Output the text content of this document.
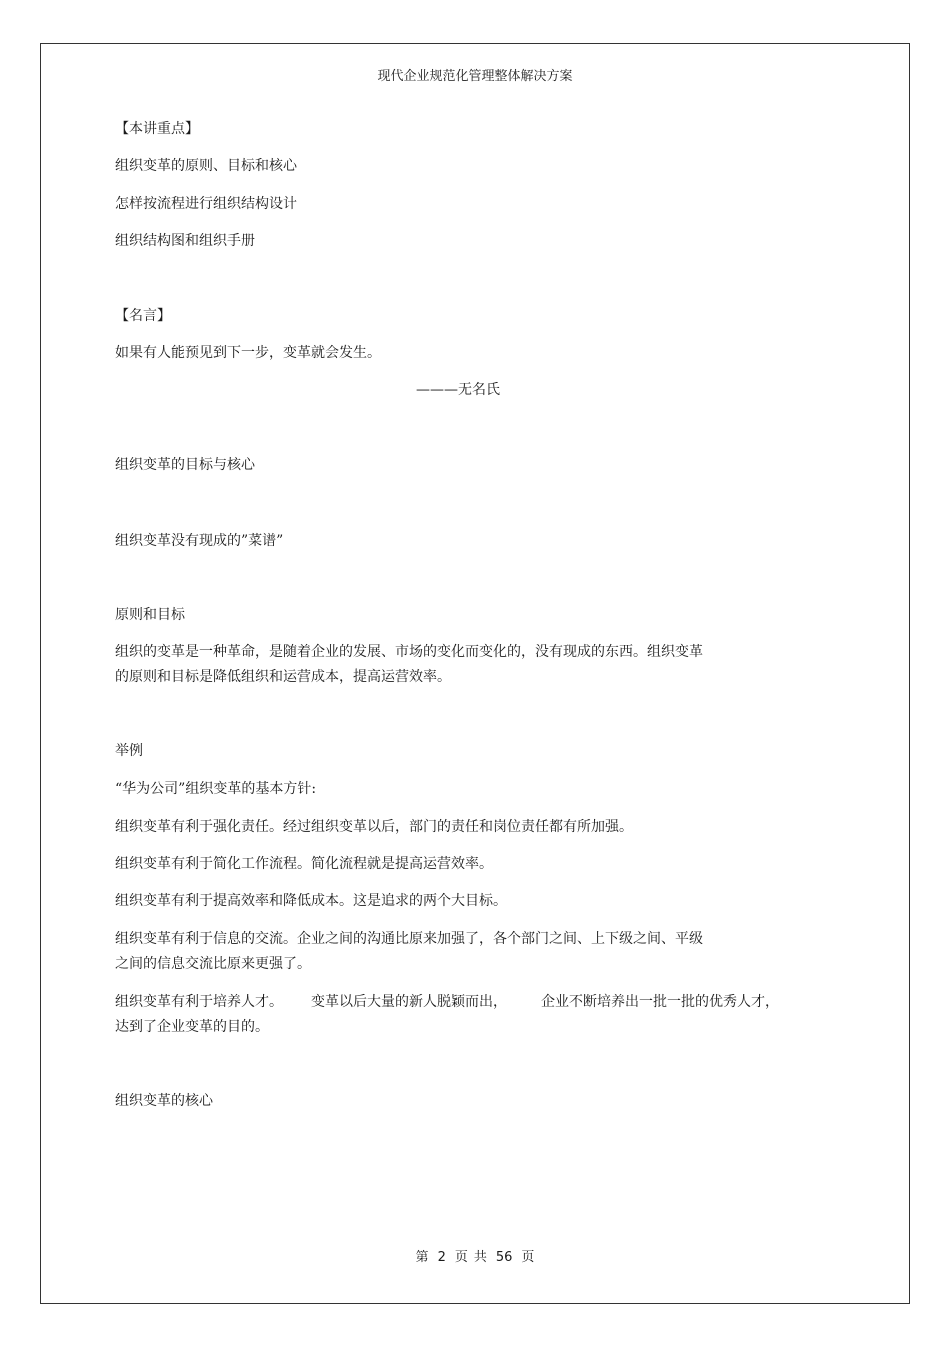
现代企业规范化管理整体解决方案

【本讲重点】

组织变革的原则、目标和核心

怎样按流程进行组织结构设计

组织结构图和组织手册

【名言】

如果有人能预见到下一步，变革就会发生。

———无名氏

组织变革的目标与核心

组织变革没有现成的”菜谱”

原则和目标

组织的变革是一种革命，是随着企业的发展、市场的变化而变化的，没有现成的东西。组织变革

的原则和目标是降低组织和运营成本，提高运营效率。

举例

“华为公司”组织变革的基本方针:

组织变革有利于强化责任。经过组织变革以后，部门的责任和岗位责任都有所加强。

组织变革有利于简化工作流程。简化流程就是提高运营效率。

组织变革有利于提高效率和降低成本。这是追求的两个大目标。

组织变革有利于信息的交流。企业之间的沟通比原来加强了，各个部门之间、上下级之间、平级

之间的信息交流比原来更强了。

组织变革有利于培养人才。 变革以后大量的新人脱颖而出， 企业不断培养出一批一批的优秀人才，

达到了企业变革的目的。

组织变革的核心

第 2 页 共 56 页
